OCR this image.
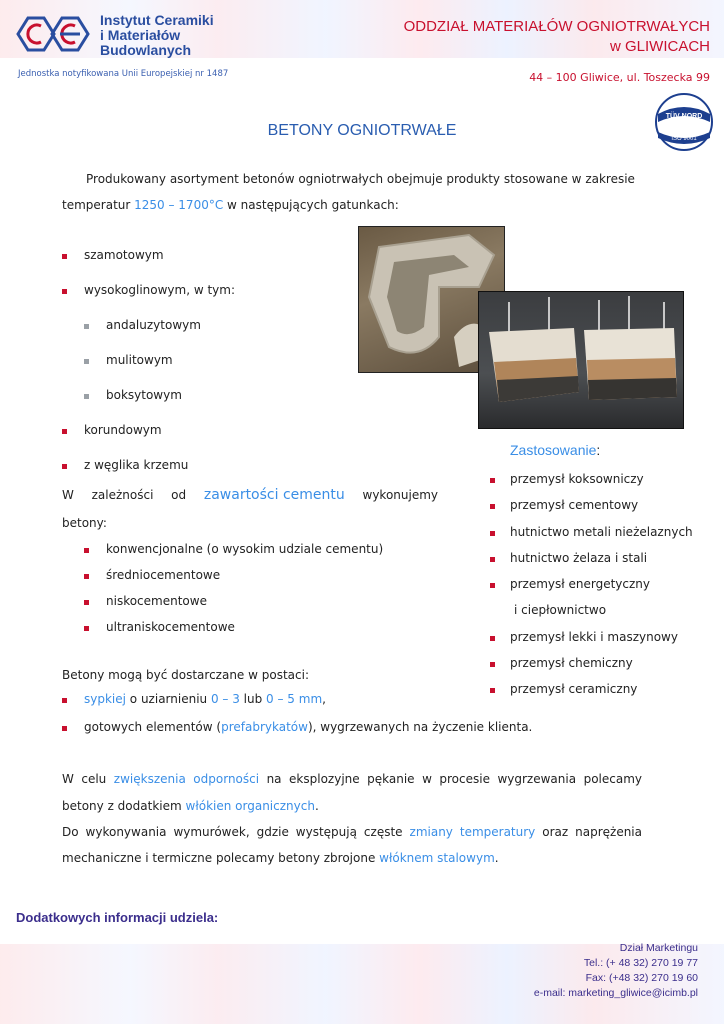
Instytut Ceramiki
i Materiałów
Budowlanych
Jednostka notyfikowana Unii Europejskiej nr 1487
ODDZIAŁ MATERIAŁÓW OGNIOTRWAŁYCH
w GLIWICACH
44 – 100 Gliwice, ul. Toszecka 99
TÜV NORD
ISO 9001
BETONY OGNIOTRWAŁE
Produkowany asortyment betonów ogniotrwałych obejmuje produkty stosowane w zakresie
temperatur 1250 – 1700°C w następujących gatunkach:
szamotowym
wysokoglinowym, w tym:
andaluzytowym
mulitowym
boksytowym
korundowym
z węglika krzemu
W zależności od zawartości cementu wykonujemy
betony:
konwencjonalne (o wysokim udziale cementu)
średniocementowe
niskocementowe
ultraniskocementowe
Zastosowanie:
przemysł koksowniczy
przemysł cementowy
hutnictwo metali nieżelaznych
hutnictwo żelaza i stali
przemysł energetyczny
i ciepłownictwo
przemysł lekki i maszynowy
przemysł chemiczny
przemysł ceramiczny
Betony mogą być dostarczane w postaci:
sypkiej o uziarnieniu 0 – 3 lub 0 – 5 mm,
gotowych elementów (prefabrykatów), wygrzewanych na życzenie klienta.
W celu zwiększenia odporności na eksplozyjne pękanie w procesie wygrzewania polecamy
betony z dodatkiem włókien organicznych.
Do wykonywania wymurówek, gdzie występują częste zmiany temperatury oraz naprężenia
mechaniczne i termiczne polecamy betony zbrojone włóknem stalowym.
Dodatkowych informacji udziela:
Dział Marketingu
Tel.: (+ 48 32) 270 19 77
Fax: (+48 32) 270 19 60
e-mail: marketing_gliwice@icimb.pl
